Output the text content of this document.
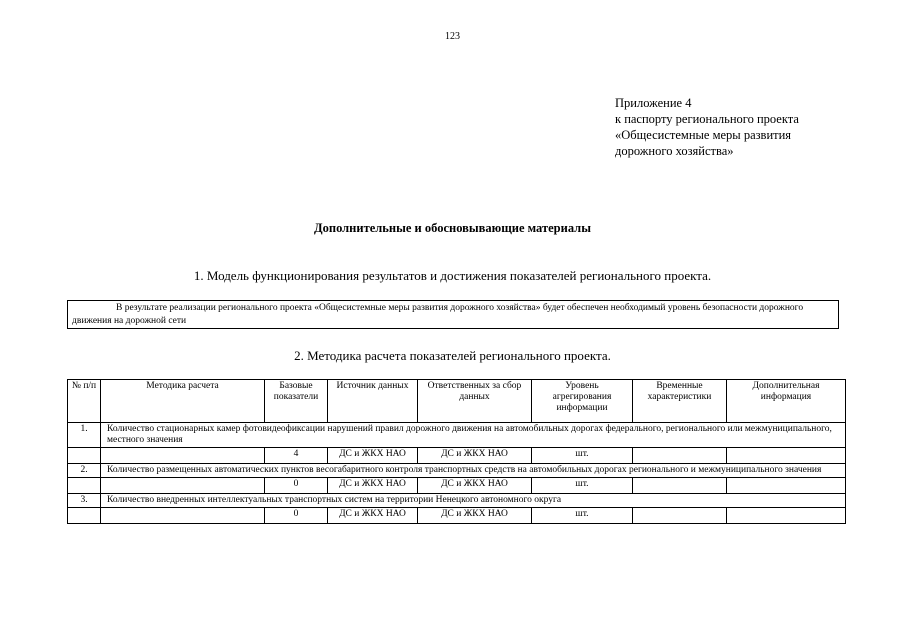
123
Приложение 4
к паспорту регионального проекта
«Общесистемные меры развития
дорожного хозяйства»
Дополнительные и обосновывающие материалы
1. Модель функционирования результатов и достижения показателей регионального проекта.
В результате реализации регионального проекта «Общесистемные меры развития дорожного хозяйства» будет обеспечен необходимый уровень безопасности дорожного движения на дорожной сети
2. Методика расчета показателей регионального проекта.
№ п/п	Методика расчета	Базовые показатели	Источник данных	Ответственных за сбор данных	Уровень агрегирования информации	Временные характеристики	Дополнительная информация
1.	Количество стационарных камер фотовидеофиксации нарушений правил дорожного движения на автомобильных дорогах федерального, регионального или межмуниципального, местного значения						
		4	ДС и ЖКХ НАО	ДС и ЖКХ НАО	шт.		
2.	Количество размещенных автоматических пунктов весогабаритного контроля транспортных средств на автомобильных дорогах регионального и межмуниципального значения						
		0	ДС и ЖКХ НАО	ДС и ЖКХ НАО	шт.		
3.	Количество внедренных интеллектуальных транспортных систем на территории Ненецкого автономного округа						
		0	ДС и ЖКХ НАО	ДС и ЖКХ НАО	шт.		
